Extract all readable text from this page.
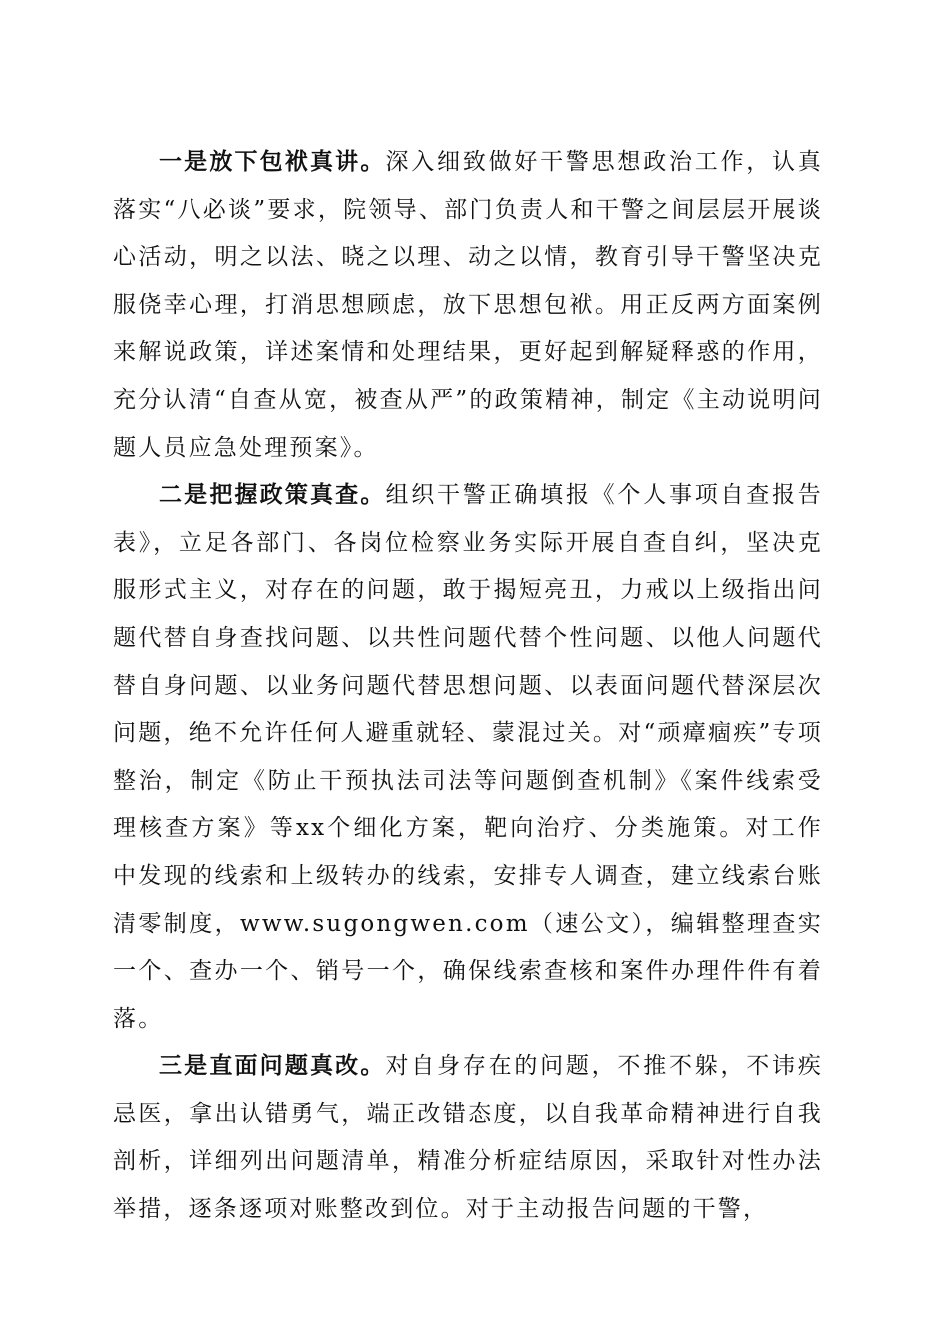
一是放下包袱真讲。深入细致做好干警思想政治工作，认真落实“八必谈”要求，院领导、部门负责人和干警之间层层开展谈心活动，明之以法、晓之以理、动之以情，教育引导干警坚决克服侥幸心理，打消思想顾虑，放下思想包袱。用正反两方面案例来解说政策，详述案情和处理结果，更好起到解疑释惑的作用，充分认清“自查从宽，被查从严”的政策精神，制定《主动说明问题人员应急处理预案》。

二是把握政策真查。组织干警正确填报《个人事项自查报告表》，立足各部门、各岗位检察业务实际开展自查自纠，坚决克服形式主义，对存在的问题，敢于揭短亮丑，力戒以上级指出问题代替自身查找问题、以共性问题代替个性问题、以他人问题代替自身问题、以业务问题代替思想问题、以表面问题代替深层次问题，绝不允许任何人避重就轻、蒙混过关。对“顽瘴痼疾”专项整治，制定《防止干预执法司法等问题倒查机制》《案件线索受理核查方案》等xx个细化方案，靶向治疗、分类施策。对工作中发现的线索和上级转办的线索，安排专人调查，建立线索台账清零制度，www.sugongwen.com（速公文），编辑整理查实一个、查办一个、销号一个，确保线索查核和案件办理件件有着落。

三是直面问题真改。对自身存在的问题，不推不躲，不讳疾忌医，拿出认错勇气，端正改错态度，以自我革命精神进行自我剖析，详细列出问题清单，精准分析症结原因，采取针对性办法举措，逐条逐项对账整改到位。对于主动报告问题的干警，
